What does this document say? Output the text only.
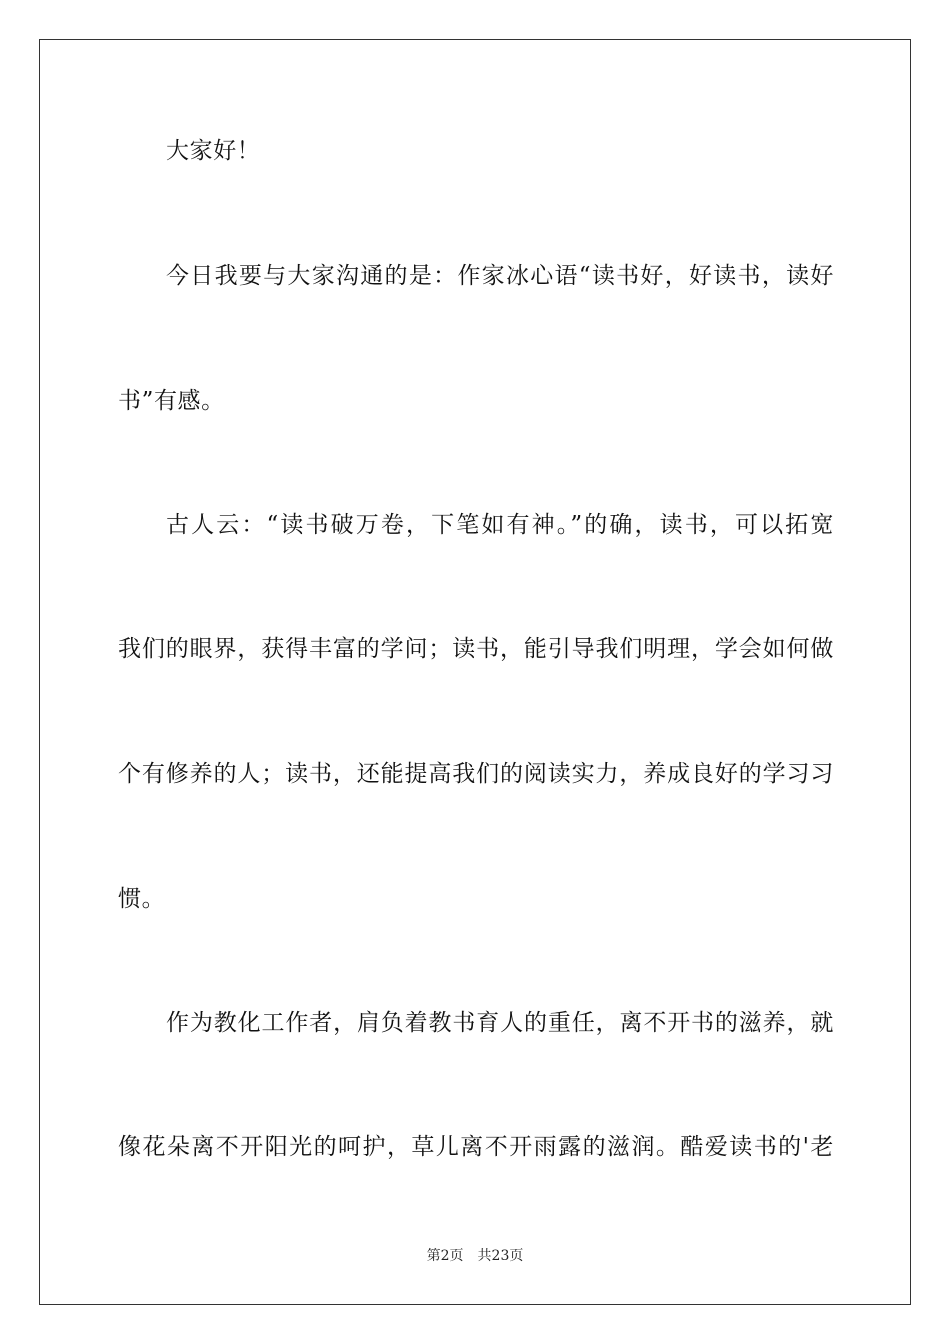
大家好！
今日我要与大家沟通的是：作家冰心语“读书好，好读书，读好
书”有感。
古人云：“读书破万卷，下笔如有神。”的确，读书，可以拓宽
我们的眼界，获得丰富的学问；读书，能引导我们明理，学会如何做
个有修养的人；读书，还能提高我们的阅读实力，养成良好的学习习
惯。
作为教化工作者，肩负着教书育人的重任，离不开书的滋养，就
像花朵离不开阳光的呵护，草儿离不开雨露的滋润。酷爱读书的'老
第2页 共23页
